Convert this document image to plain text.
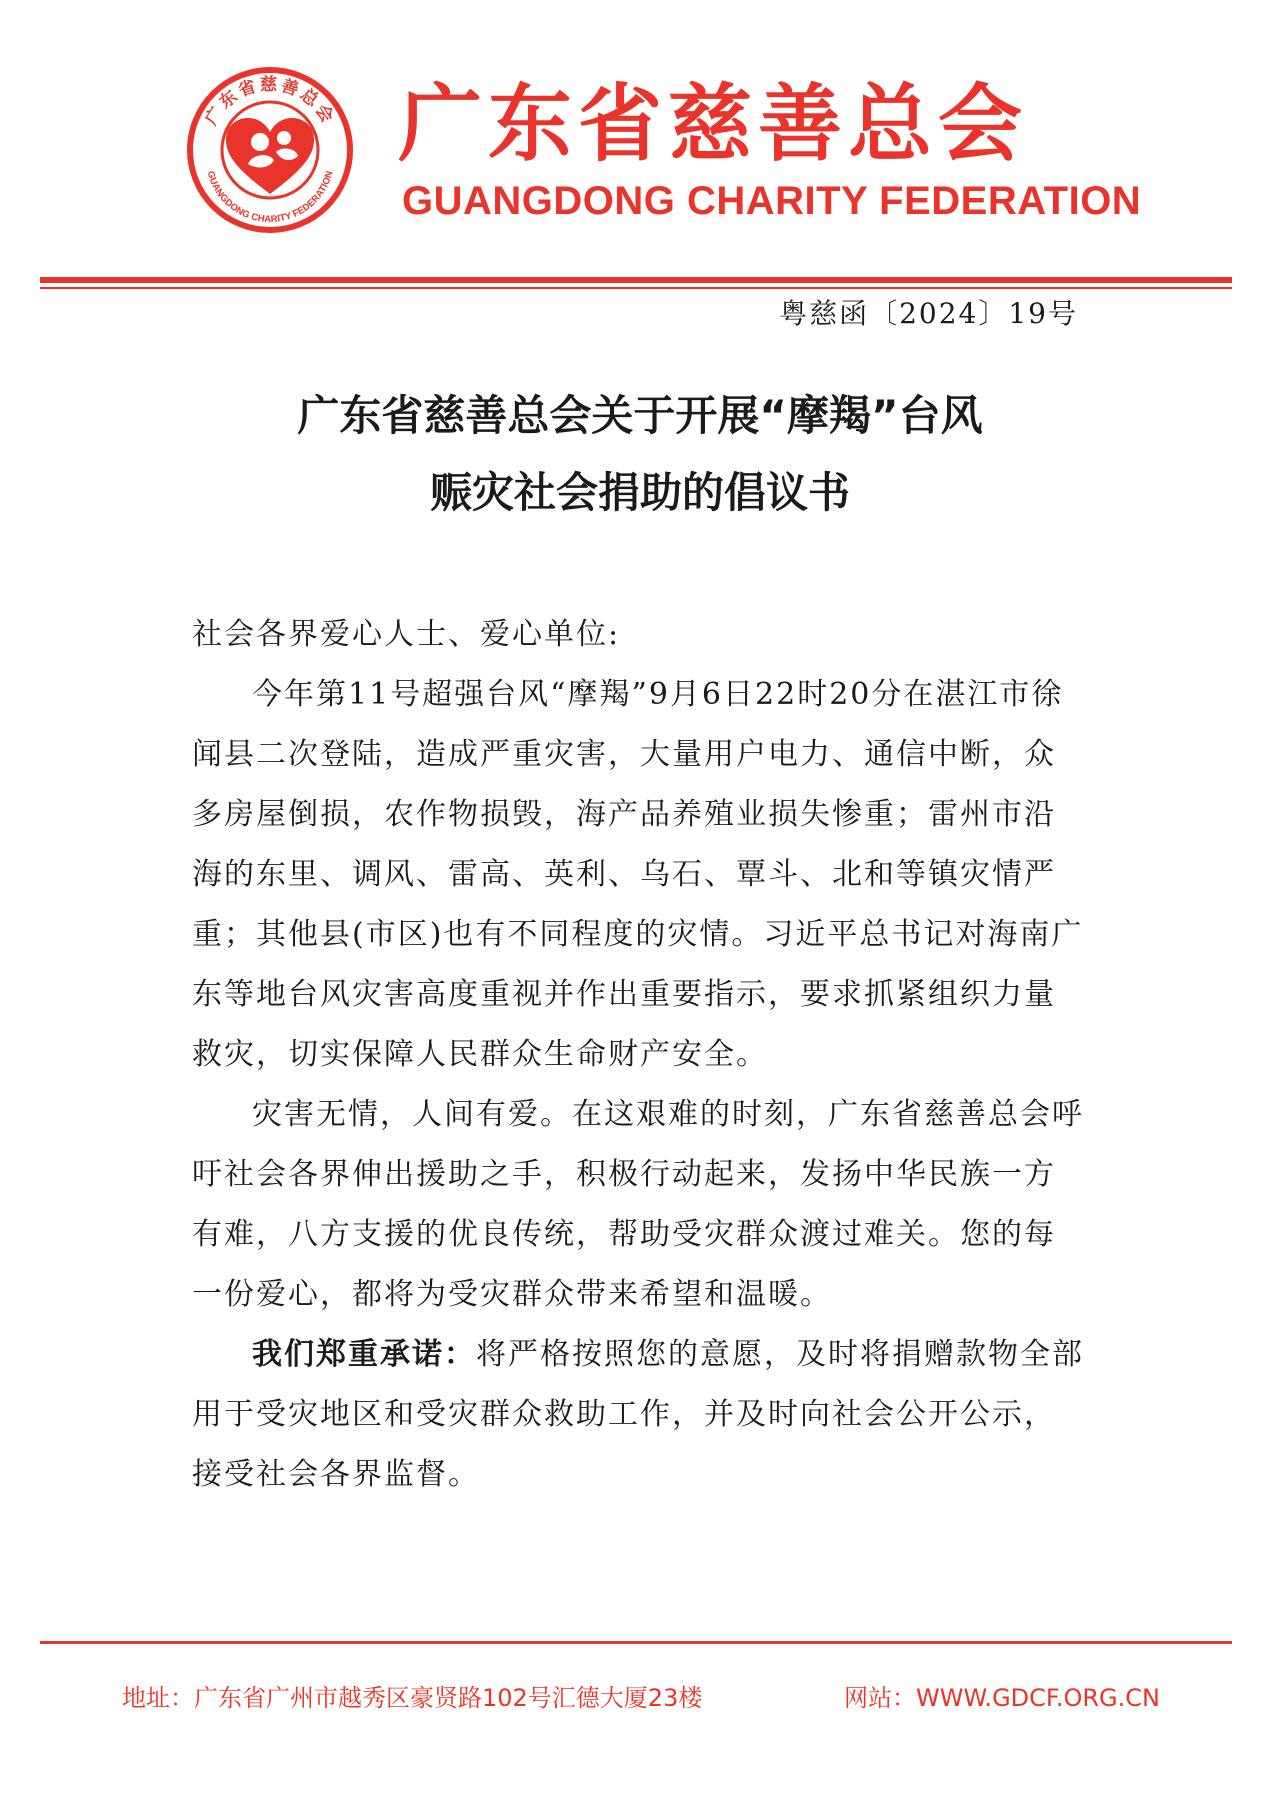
广东省慈善总会
GUANGDONG CHARITY FEDERATION
广东省慈善总会
GUANGDONG CHARITY FEDERATION
粤慈函〔2024〕19号
广东省慈善总会关于开展“摩羯”台风
赈灾社会捐助的倡议书

社会各界爱心人士、爱心单位:

今年第11号超强台风“摩羯”9月6日22时20分在湛江市徐闻县二次登陆，造成严重灾害，大量用户电力、通信中断，众多房屋倒损，农作物损毁，海产品养殖业损失惨重；雷州市沿海的东里、调风、雷高、英利、乌石、覃斗、北和等镇灾情严重；其他县(市区)也有不同程度的灾情。习近平总书记对海南广东等地台风灾害高度重视并作出重要指示，要求抓紧组织力量救灾，切实保障人民群众生命财产安全。

灾害无情，人间有爱。在这艰难的时刻，广东省慈善总会呼吁社会各界伸出援助之手，积极行动起来，发扬中华民族一方有难，八方支援的优良传统，帮助受灾群众渡过难关。您的每一份爱心，都将为受灾群众带来希望和温暖。

我们郑重承诺：将严格按照您的意愿，及时将捐赠款物全部用于受灾地区和受灾群众救助工作，并及时向社会公开公示，接受社会各界监督。

地址：广东省广州市越秀区豪贤路102号汇德大厦23楼	网站：WWW.GDCF.ORG.CN
